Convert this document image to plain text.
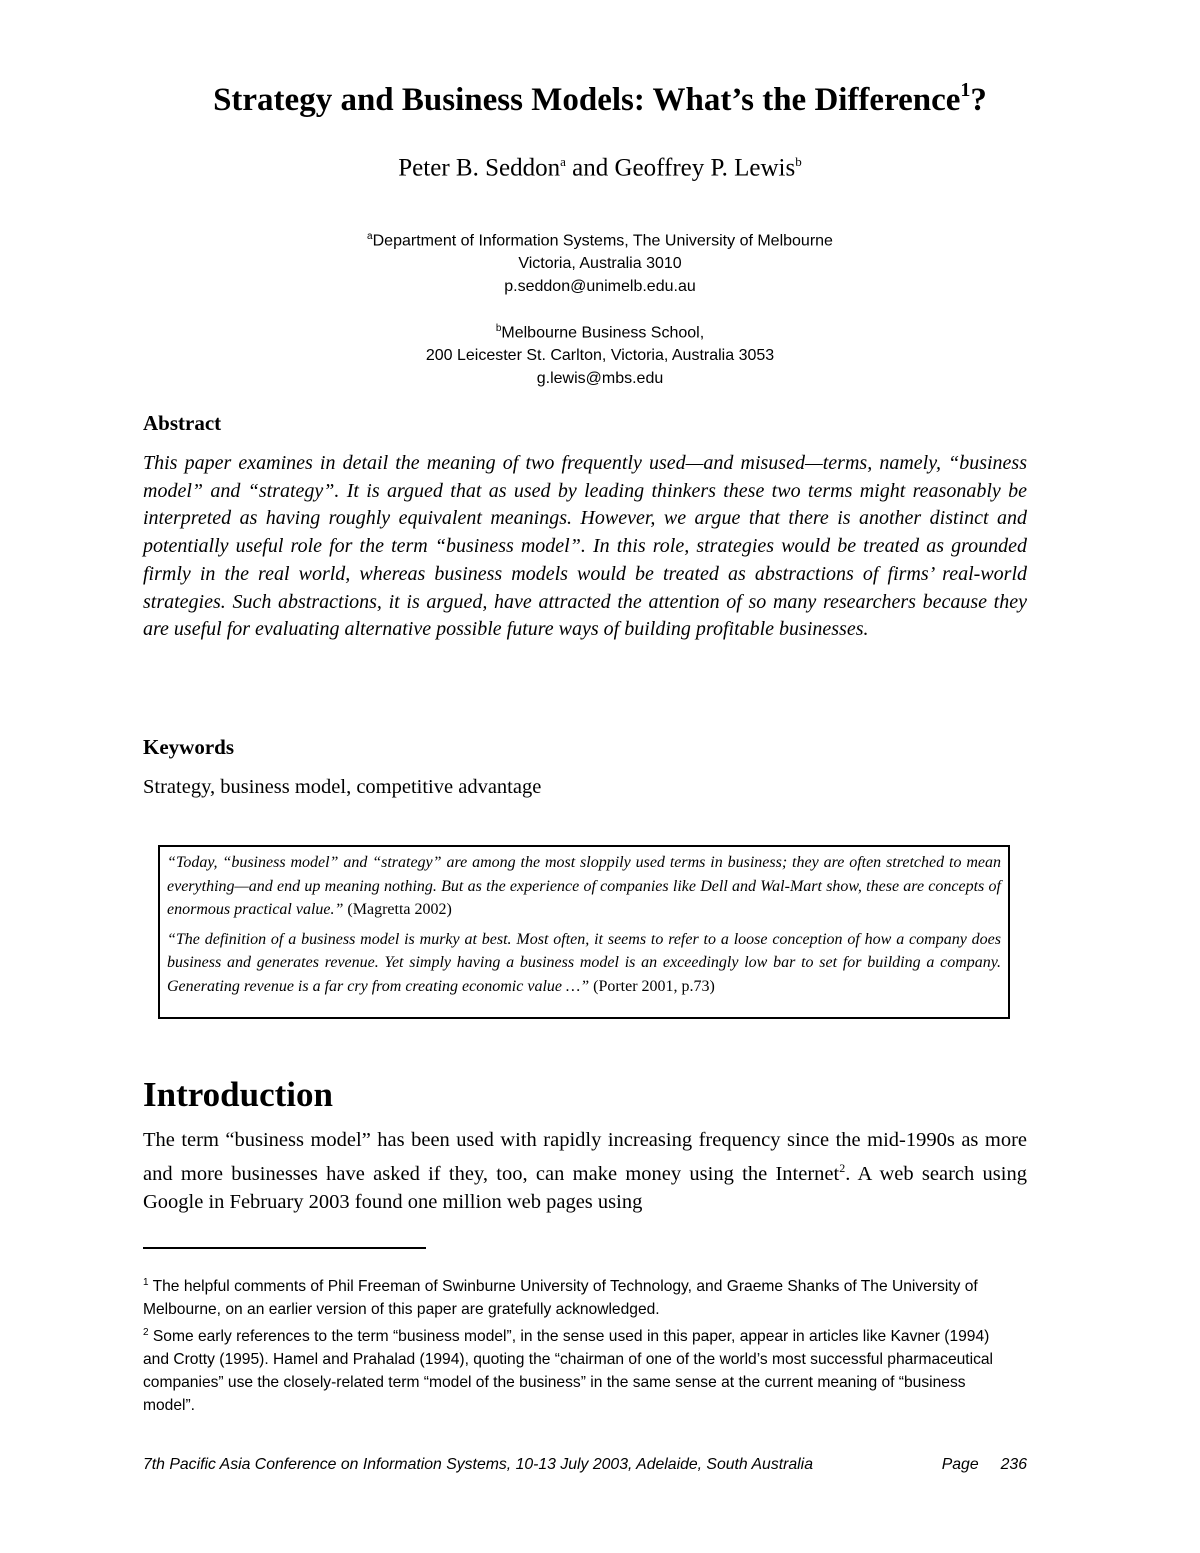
Strategy and Business Models: What’s the Difference$^1$?
Peter B. Seddon$^a$ and Geoffrey P. Lewis$^b$
$^a$Department of Information Systems, The University of Melbourne
Victoria, Australia 3010
p.seddon@unimelb.edu.au
$^b$Melbourne Business School,
200 Leicester St. Carlton, Victoria, Australia 3053
g.lewis@mbs.edu
Abstract
This paper examines in detail the meaning of two frequently used—and misused—terms, namely, “business model” and “strategy”. It is argued that as used by leading thinkers these two terms might reasonably be interpreted as having roughly equivalent meanings. However, we argue that there is another distinct and potentially useful role for the term “business model”. In this role, strategies would be treated as grounded firmly in the real world, whereas business models would be treated as abstractions of firms’ real-world strategies. Such abstractions, it is argued, have attracted the attention of so many researchers because they are useful for evaluating alternative possible future ways of building profitable businesses.
Keywords
Strategy, business model, competitive advantage

“Today, “business model” and “strategy” are among the most sloppily used terms in business; they are often stretched to mean everything—and end up meaning nothing. But as the experience of companies like Dell and Wal-Mart show, these are concepts of enormous practical value.” (Magretta 2002)

“The definition of a business model is murky at best. Most often, it seems to refer to a loose conception of how a company does business and generates revenue. Yet simply having a business model is an exceedingly low bar to set for building a company. Generating revenue is a far cry from creating economic value …” (Porter 2001, p.73)

Introduction
The term “business model” has been used with rapidly increasing frequency since the mid-1990s as more and more businesses have asked if they, too, can make money using the Internet$^2$. A web search using Google in February 2003 found one million web pages using

$^1$ The helpful comments of Phil Freeman of Swinburne University of Technology, and Graeme Shanks of The University of Melbourne, on an earlier version of this paper are gratefully acknowledged.

$^2$ Some early references to the term “business model”, in the sense used in this paper, appear in articles like Kavner (1994) and Crotty (1995). Hamel and Prahalad (1994), quoting the “chairman of one of the world’s most successful pharmaceutical companies” use the closely-related term “model of the business” in the same sense at the current meaning of “business model”.

7th Pacific Asia Conference on Information Systems, 10-13 July 2003, Adelaide, South Australia	Page 236
